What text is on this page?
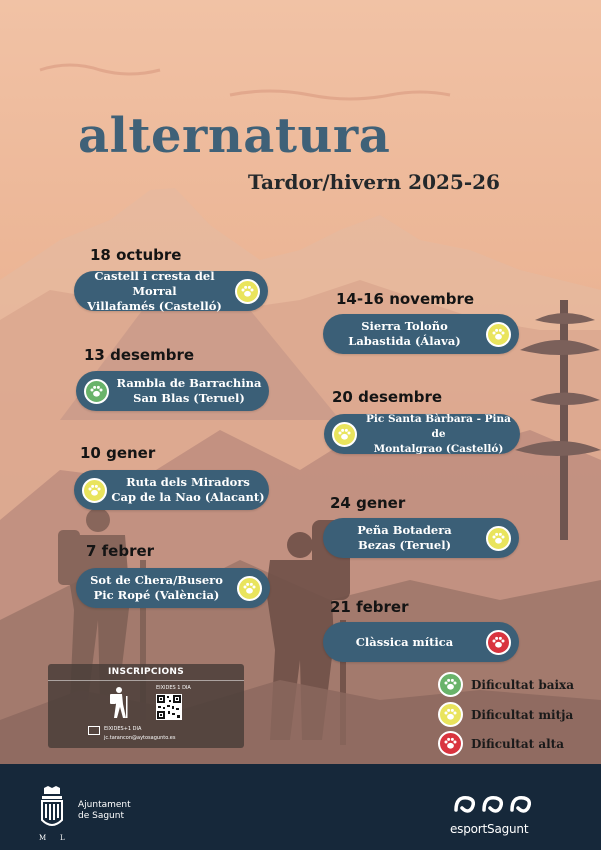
alternatura
Tardor/hivern 2025-26
18 octubre
Castell i cresta del Morral
Villafamés (Castelló)
13 desembre
Rambla de Barrachina
San Blas (Teruel)
10 gener
Ruta dels Miradors
Cap de la Nao (Alacant)
7 febrer
Sot de Chera/Busero
Pic Ropé (València)
14-16 novembre
Sierra Toloño
Labastida (Álava)
20 desembre
Pic Santa Bàrbara - Pina de
Montalgrao (Castelló)
24 gener
Peña Botadera
Bezas (Teruel)
21 febrer
Clàssica mítica
Dificultat baixa
Dificultat mitja
Dificultat alta
INSCRIPCIONS
EIXIDES 1 DIA
EIXIDES+1 DIA
jc.tarancon@aytosagunto.es
M L
Ajuntament
de Sagunt
esportSagunt
